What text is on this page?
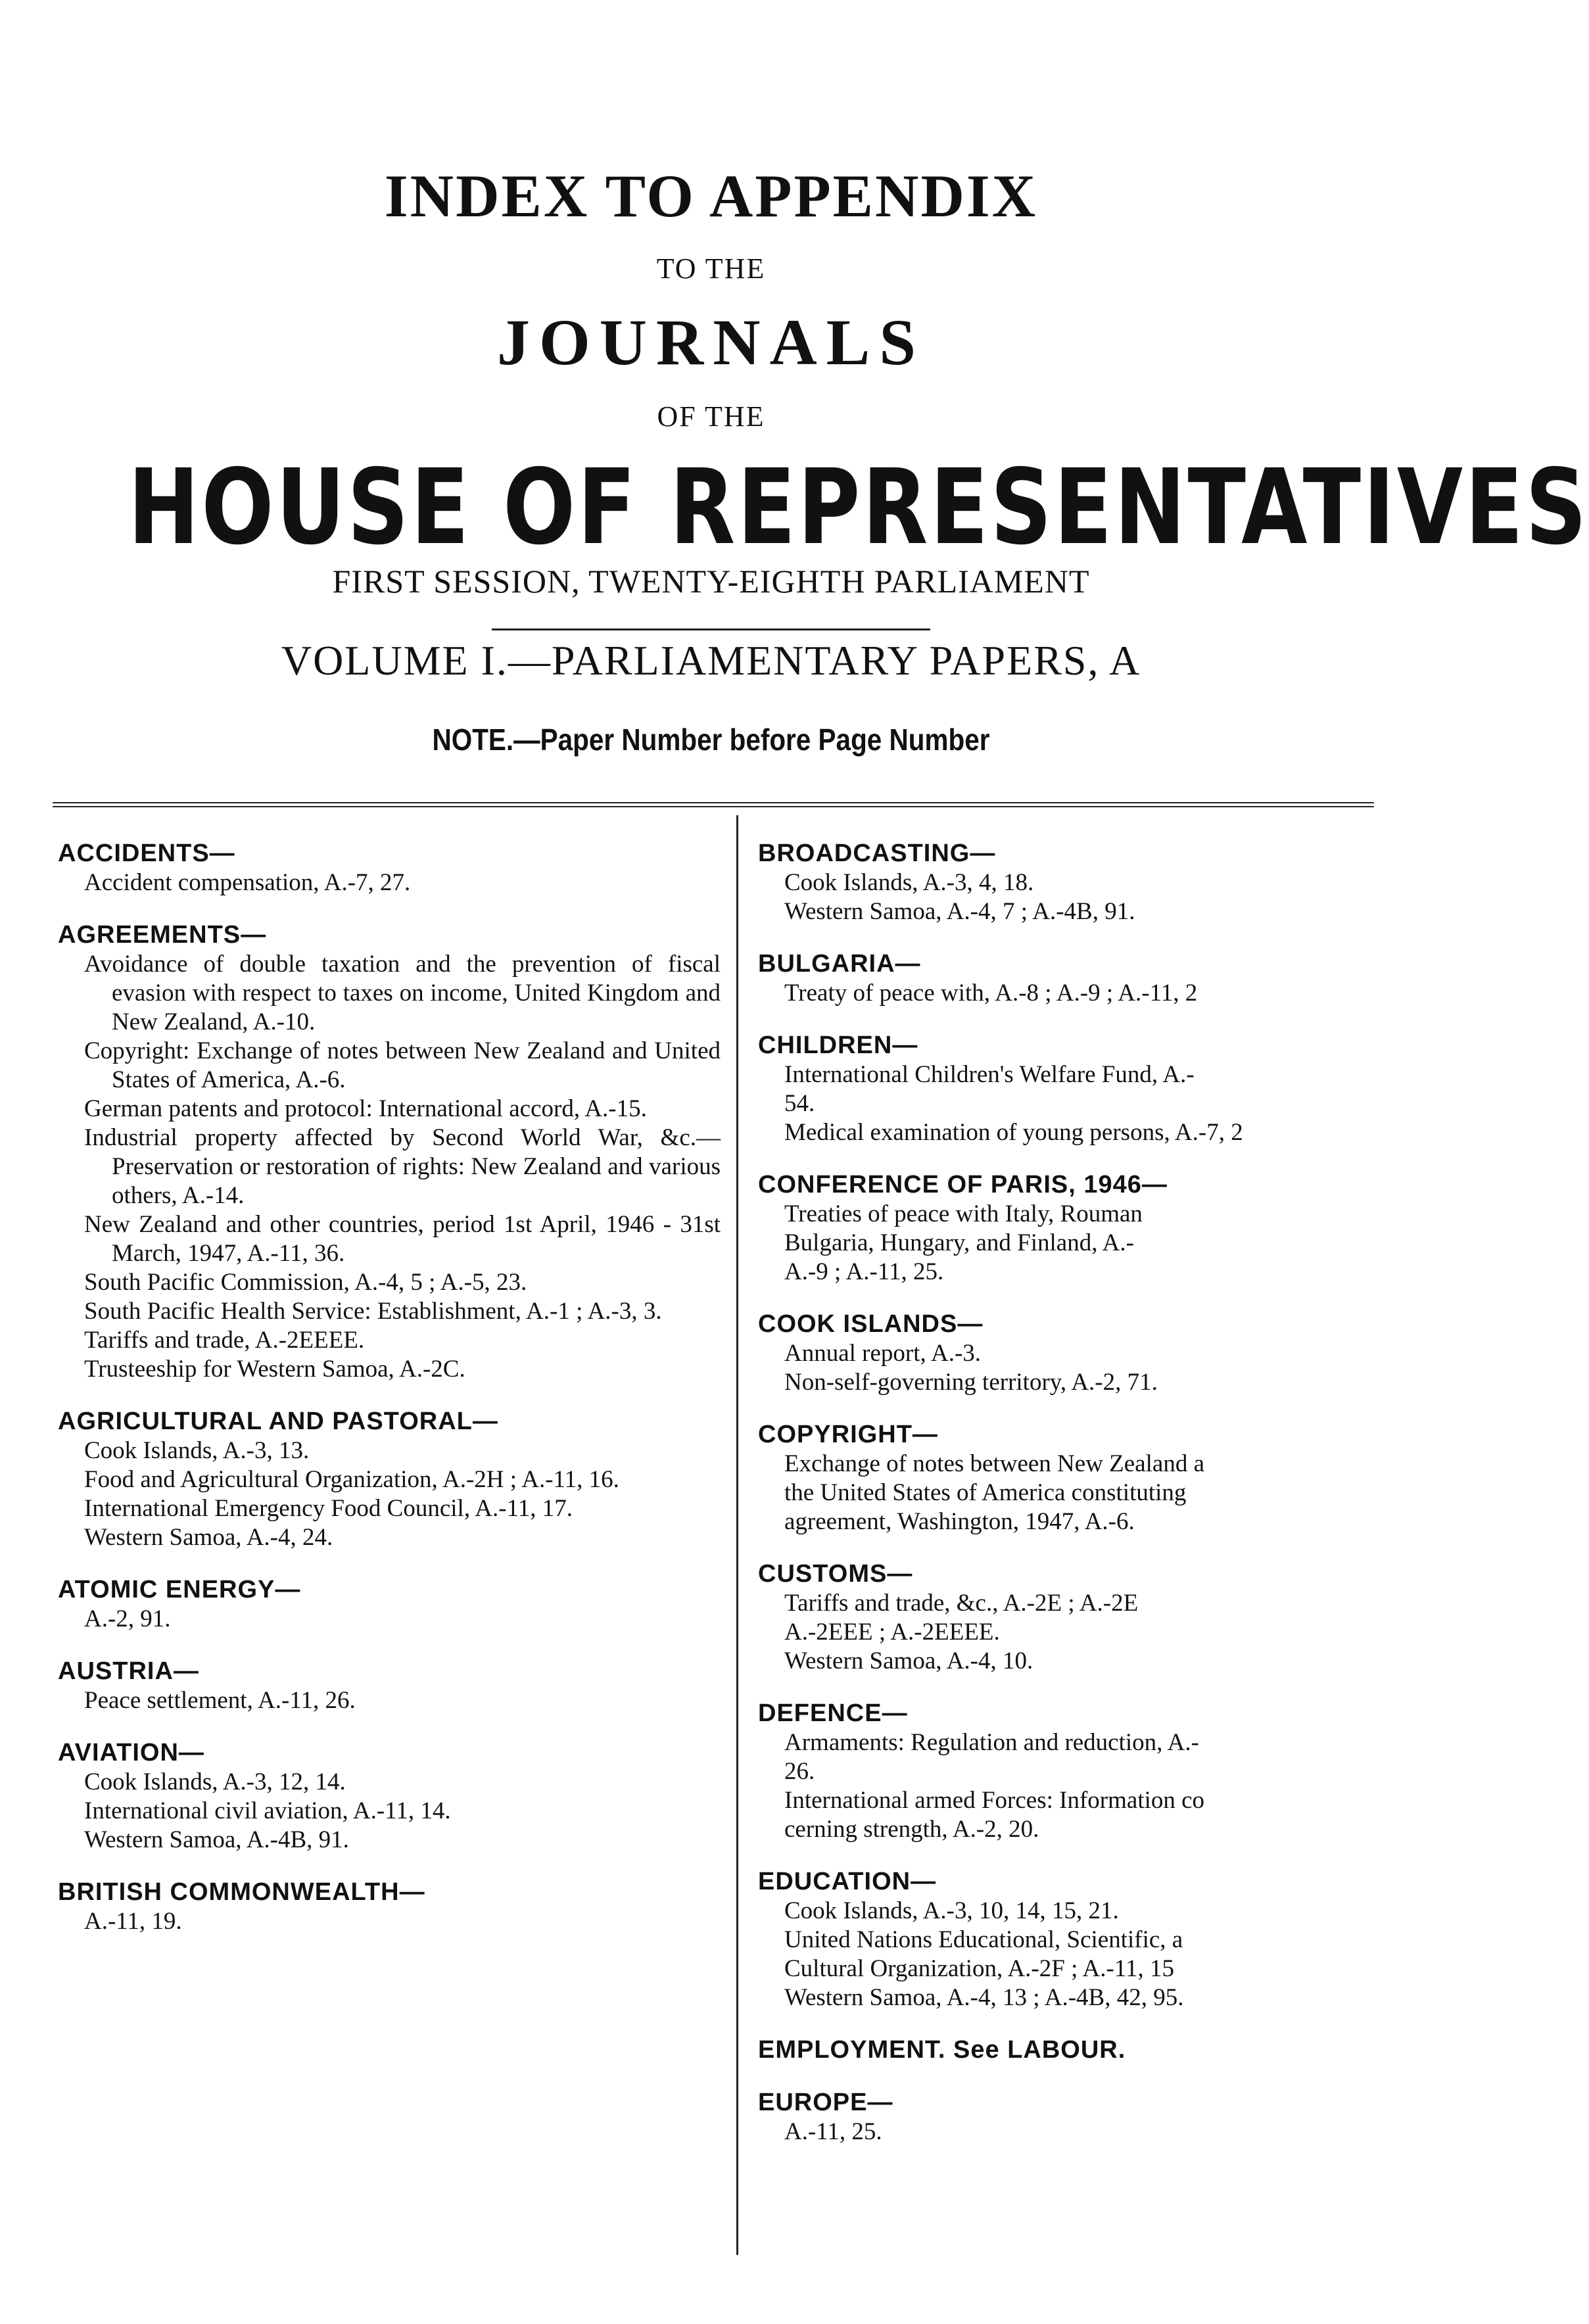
INDEX TO APPENDIX
TO THE
JOURNALS
OF THE
HOUSE OF REPRESENTATIVES
FIRST SESSION, TWENTY-EIGHTH PARLIAMENT
VOLUME I.—PARLIAMENTARY PAPERS, A
NOTE.—Paper Number before Page Number
ACCIDENTS—
Accident compensation, A.-7, 27.
AGREEMENTS—
Avoidance of double taxation and the prevention of fiscal evasion with respect to taxes on income, United Kingdom and New Zealand, A.-10.
Copyright: Exchange of notes between New Zealand and United States of America, A.-6.
German patents and protocol: International accord, A.-15.
Industrial property affected by Second World War, &c.—Preservation or restoration of rights: New Zealand and various others, A.-14.
New Zealand and other countries, period 1st April, 1946 - 31st March, 1947, A.-11, 36.
South Pacific Commission, A.-4, 5 ; A.-5, 23.
South Pacific Health Service: Establishment, A.-1 ; A.-3, 3.
Tariffs and trade, A.-2EEEE.
Trusteeship for Western Samoa, A.-2C.
AGRICULTURAL AND PASTORAL—
Cook Islands, A.-3, 13.
Food and Agricultural Organization, A.-2H ; A.-11, 16.
International Emergency Food Council, A.-11, 17.
Western Samoa, A.-4, 24.
ATOMIC ENERGY—
A.-2, 91.
AUSTRIA—
Peace settlement, A.-11, 26.
AVIATION—
Cook Islands, A.-3, 12, 14.
International civil aviation, A.-11, 14.
Western Samoa, A.-4B, 91.
BRITISH COMMONWEALTH—
A.-11, 19.
BROADCASTING—
Cook Islands, A.-3, 4, 18.
Western Samoa, A.-4, 7 ; A.-4B, 91.
BULGARIA—
Treaty of peace with, A.-8 ; A.-9 ; A.-11, 2
CHILDREN—
International Children's Welfare Fund, A.-
54.
Medical examination of young persons, A.-7, 2
CONFERENCE OF PARIS, 1946—
Treaties of peace with Italy, Rouman
Bulgaria, Hungary, and Finland, A.-
A.-9 ; A.-11, 25.
COOK ISLANDS—
Annual report, A.-3.
Non-self-governing territory, A.-2, 71.
COPYRIGHT—
Exchange of notes between New Zealand a
the United States of America constituting
agreement, Washington, 1947, A.-6.
CUSTOMS—
Tariffs and trade, &c., A.-2E ; A.-2E
A.-2EEE ; A.-2EEEE.
Western Samoa, A.-4, 10.
DEFENCE—
Armaments: Regulation and reduction, A.-
26.
International armed Forces: Information co
cerning strength, A.-2, 20.
EDUCATION—
Cook Islands, A.-3, 10, 14, 15, 21.
United Nations Educational, Scientific, a
Cultural Organization, A.-2F ; A.-11, 15
Western Samoa, A.-4, 13 ; A.-4B, 42, 95.
EMPLOYMENT. See LABOUR.
EUROPE—
A.-11, 25.
